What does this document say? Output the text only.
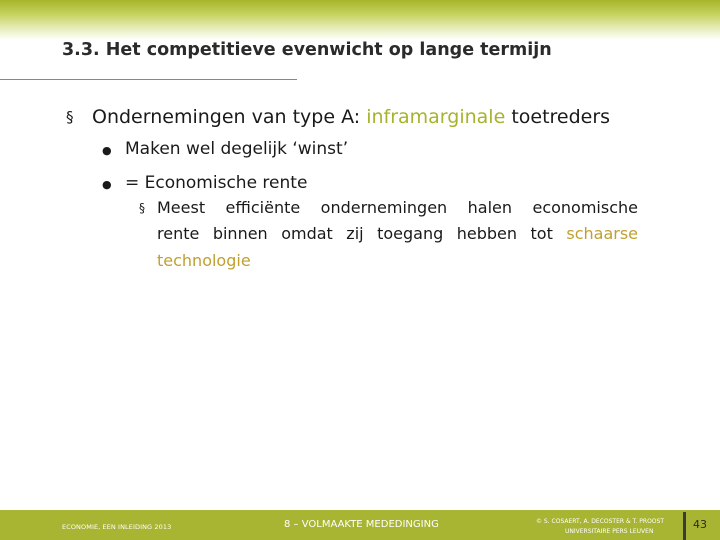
3.3. Het competitieve evenwicht op lange termijn
§ Ondernemingen van type A: inframarginale toetreders
● Maken wel degelijk ‘winst’
● = Economische rente
§ Meest efficiënte ondernemingen halen economische
rente binnen omdat zij toegang hebben tot schaarse
technologie
ECONOMIE, EEN INLEIDING 2013	8 – VOLMAAKTE MEDEDINGING	© S. COSAERT, A. DECOSTER & T. PROOST
UNIVERSITAIRE PERS LEUVEN
43
